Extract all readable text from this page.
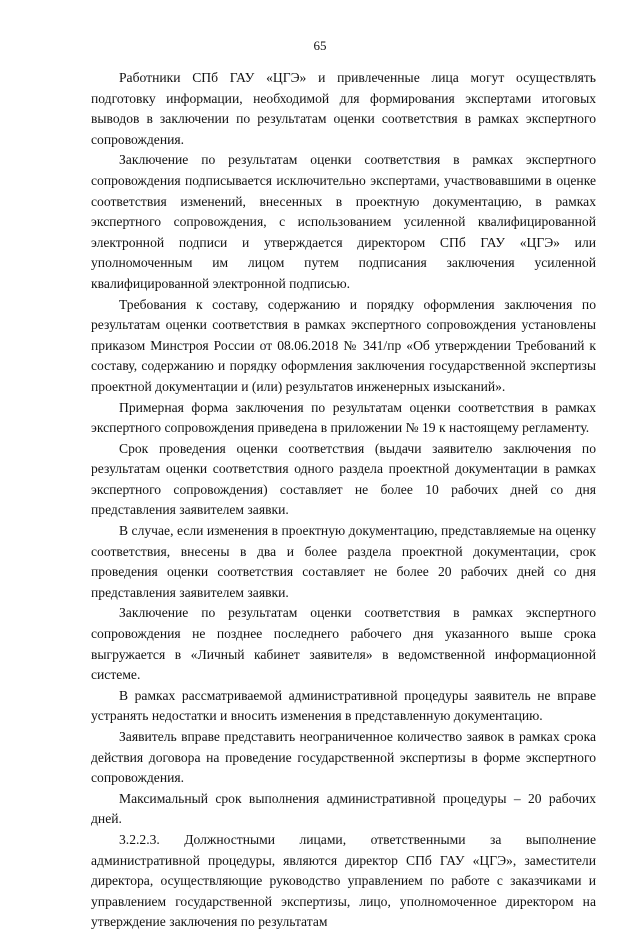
65

Работники СПб ГАУ «ЦГЭ» и привлеченные лица могут осуществлять подготовку информации, необходимой для формирования экспертами итоговых выводов в заключении по результатам оценки соответствия в рамках экспертного сопровождения.

Заключение по результатам оценки соответствия в рамках экспертного сопровождения подписывается исключительно экспертами, участвовавшими в оценке соответствия изменений, внесенных в проектную документацию, в рамках экспертного сопровождения, с использованием усиленной квалифицированной электронной подписи и утверждается директором СПб ГАУ «ЦГЭ» или уполномоченным им лицом путем подписания заключения усиленной квалифицированной электронной подписью.

Требования к составу, содержанию и порядку оформления заключения по результатам оценки соответствия в рамках экспертного сопровождения установлены приказом Минстроя России от 08.06.2018 № 341/пр «Об утверждении Требований к составу, содержанию и порядку оформления заключения государственной экспертизы проектной документации и (или) результатов инженерных изысканий».

Примерная форма заключения по результатам оценки соответствия в рамках экспертного сопровождения приведена в приложении № 19 к настоящему регламенту.

Срок проведения оценки соответствия (выдачи заявителю заключения по результатам оценки соответствия одного раздела проектной документации в рамках экспертного сопровождения) составляет не более 10 рабочих дней со дня представления заявителем заявки.

В случае, если изменения в проектную документацию, представляемые на оценку соответствия, внесены в два и более раздела проектной документации, срок проведения оценки соответствия составляет не более 20 рабочих дней со дня представления заявителем заявки.

Заключение по результатам оценки соответствия в рамках экспертного сопровождения не позднее последнего рабочего дня указанного выше срока выгружается в «Личный кабинет заявителя» в ведомственной информационной системе.

В рамках рассматриваемой административной процедуры заявитель не вправе устранять недостатки и вносить изменения в представленную документацию.

Заявитель вправе представить неограниченное количество заявок в рамках срока действия договора на проведение государственной экспертизы в форме экспертного сопровождения.

Максимальный срок выполнения административной процедуры – 20 рабочих дней.

3.2.2.3. Должностными лицами, ответственными за выполнение административной процедуры, являются директор СПб ГАУ «ЦГЭ», заместители директора, осуществляющие руководство управлением по работе с заказчиками и управлением государственной экспертизы, лицо, уполномоченное директором на утверждение заключения по результатам
